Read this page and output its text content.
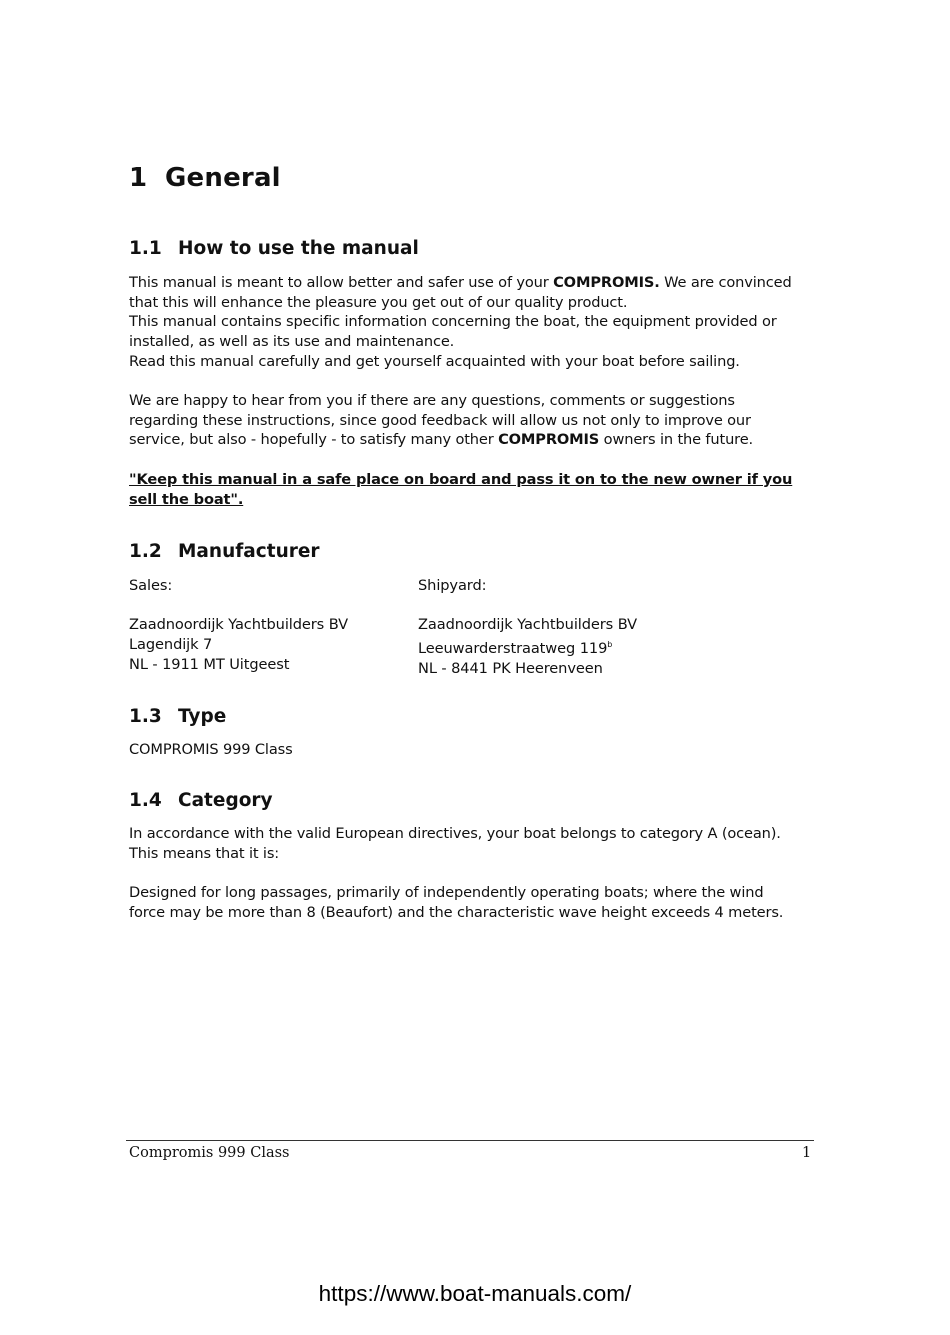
1 General
1.1 How to use the manual
This manual is meant to allow better and safer use of your COMPROMIS. We are convinced
that this will enhance the pleasure you get out of our quality product.
This manual contains specific information concerning the boat, the equipment provided or
installed, as well as its use and maintenance.
Read this manual carefully and get yourself acquainted with your boat before sailing.
We are happy to hear from you if there are any questions, comments or suggestions
regarding these instructions, since good feedback will allow us not only to improve our
service, but also - hopefully - to satisfy many other COMPROMIS owners in the future.
"Keep this manual in a safe place on board and pass it on to the new owner if you
sell the boat".
1.2 Manufacturer
Sales:
Zaadnoordijk Yachtbuilders BV
Lagendijk 7
NL - 1911 MT Uitgeest
Shipyard:
Zaadnoordijk Yachtbuilders BV
Leeuwarderstraatweg 119$^b$
NL - 8441 PK Heerenveen
1.3 Type
COMPROMIS 999 Class
1.4 Category
In accordance with the valid European directives, your boat belongs to category A (ocean).
This means that it is:
Designed for long passages, primarily of independently operating boats; where the wind
force may be more than 8 (Beaufort) and the characteristic wave height exceeds 4 meters.
Compromis 999 Class	1
https://www.boat-manuals.com/
